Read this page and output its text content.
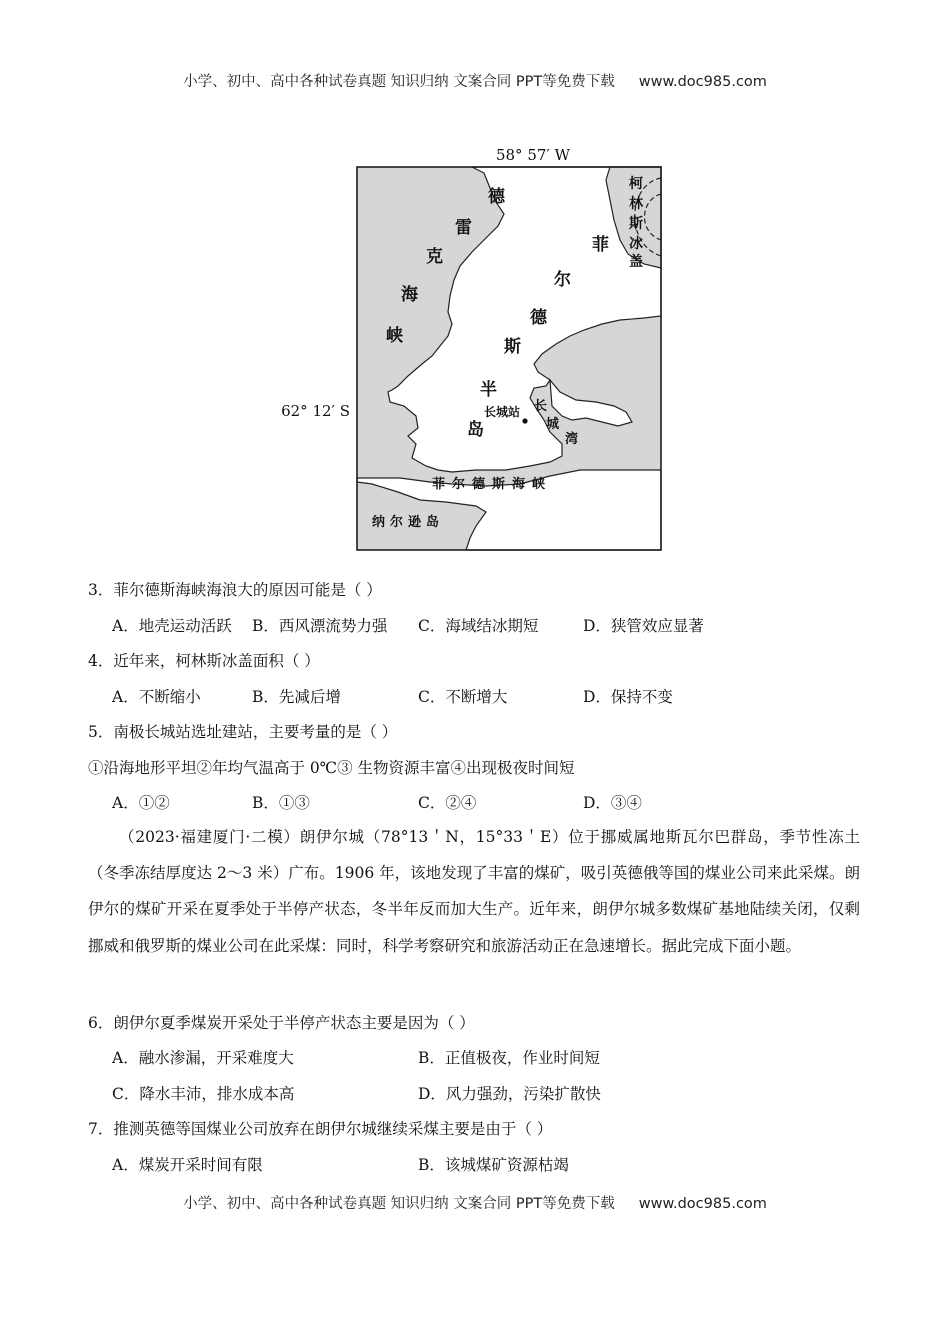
小学、初中、高中各种试卷真题 知识归纳 文案合同 PPT等免费下载 www.doc985.com
58° 57′ W
62° 12′ S
德
雷
克
海
峡
菲
尔
德
斯
半
岛
柯
林
斯
冰
盖
长城站 长
城
湾
菲尔德斯海峡
纳尔逊岛
3．菲尔德斯海峡海浪大的原因可能是（ ）
A．地壳运动活跃 B．西风漂流势力强 C．海域结冰期短	D．狭管效应显著
4．近年来，柯林斯冰盖面积（ ）
A．不断缩小	B．先减后增	C．不断增大	D．保持不变
5．南极长城站选址建站，主要考量的是（ ）
①沿海地形平坦②年均气温高于 0℃③ 生物资源丰富④出现极夜时间短
A．①②	B．①③	C．②④	D．③④
（2023·福建厦门·二模）朗伊尔城（78°13＇N，15°33＇E）位于挪威属地斯瓦尔巴群岛，季节性冻土（冬季冻结厚度达 2～3 米）广布。1906 年，该地发现了丰富的煤矿，吸引英德俄等国的煤业公司来此采煤。朗伊尔的煤矿开采在夏季处于半停产状态，冬半年反而加大生产。近年来，朗伊尔城多数煤矿基地陆续关闭，仅剩挪威和俄罗斯的煤业公司在此采煤：同时，科学考察研究和旅游活动正在急速增长。据此完成下面小题。
6．朗伊尔夏季煤炭开采处于半停产状态主要是因为（ ）
A．融水渗漏，开采难度大	B．正值极夜，作业时间短
C．降水丰沛，排水成本高	D．风力强劲，污染扩散快
7．推测英德等国煤业公司放弃在朗伊尔城继续采煤主要是由于（ ）
A．煤炭开采时间有限	B．该城煤矿资源枯竭
小学、初中、高中各种试卷真题 知识归纳 文案合同 PPT等免费下载 www.doc985.com
